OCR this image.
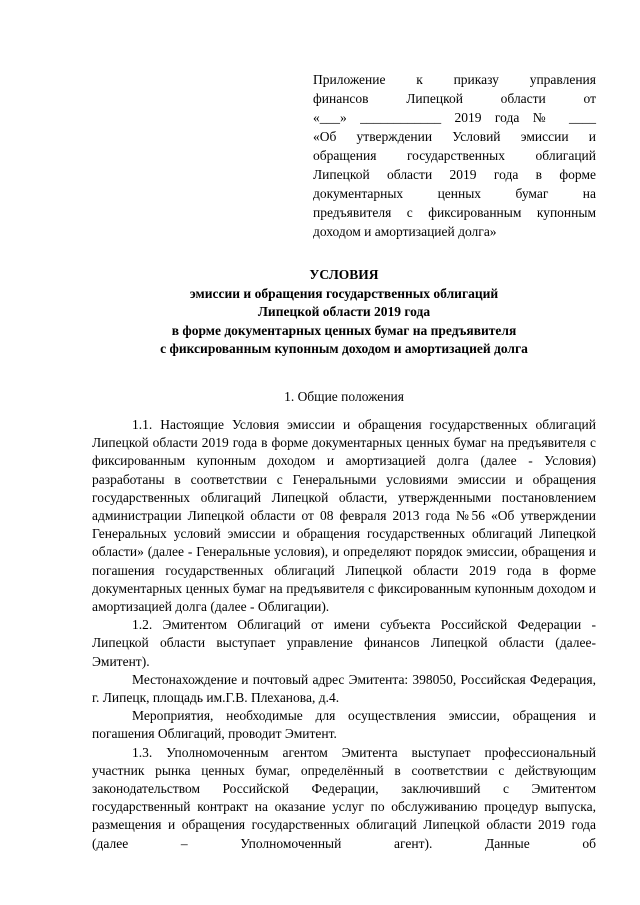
Приложение к приказу управления
финансов Липецкой области от
«___» ____________ 2019 года № ____
«Об утверждении Условий эмиссии и
обращения государственных облигаций
Липецкой области 2019 года в форме
документарных ценных бумаг на
предъявителя с фиксированным купонным
доходом и амортизацией долга»
УСЛОВИЯ
эмиссии и обращения государственных облигаций
Липецкой области 2019 года
в форме документарных ценных бумаг на предъявителя
с фиксированным купонным доходом и амортизацией долга
1. Общие положения

1.1. Настоящие Условия эмиссии и обращения государственных облигаций Липецкой области 2019 года в форме документарных ценных бумаг на предъявителя с фиксированным купонным доходом и амортизацией долга (далее - Условия) разработаны в соответствии с Генеральными условиями эмиссии и обращения государственных облигаций Липецкой области, утвержденными постановлением администрации Липецкой области от 08 февраля 2013 года №56 «Об утверждении Генеральных условий эмиссии и обращения государственных облигаций Липецкой области» (далее - Генеральные условия), и определяют порядок эмиссии, обращения и погашения государственных облигаций Липецкой области 2019 года в форме документарных ценных бумаг на предъявителя с фиксированным купонным доходом и амортизацией долга (далее - Облигации).

1.2. Эмитентом Облигаций от имени субъекта Российской Федерации - Липецкой области выступает управление финансов Липецкой области (далее- Эмитент).

Местонахождение и почтовый адрес Эмитента: 398050, Российская Федерация, г. Липецк, площадь им.Г.В. Плеханова, д.4.

Мероприятия, необходимые для осуществления эмиссии, обращения и погашения Облигаций, проводит Эмитент.

1.3. Уполномоченным агентом Эмитента выступает профессиональный участник рынка ценных бумаг, определённый в соответствии с действующим законодательством Российской Федерации, заключивший с Эмитентом государственный контракт на оказание услуг по обслуживанию процедур выпуска, размещения и обращения государственных облигаций Липецкой области 2019 года (далее – Уполномоченный агент). Данные об
